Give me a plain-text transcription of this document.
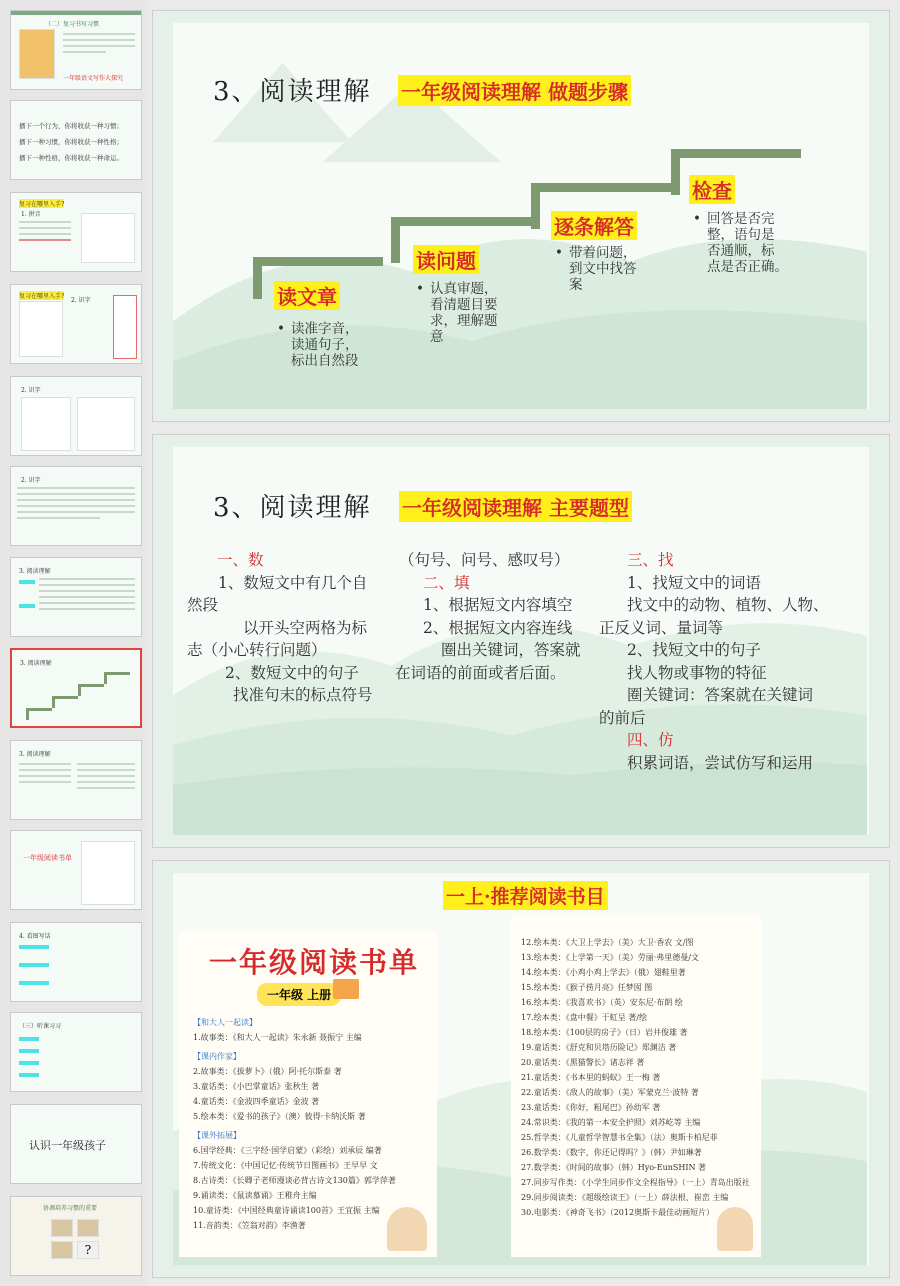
（二）复习书写习惯
一年级语文写作大探究
播下一个行为，你将收获一种习惯；
播下一种习惯，你将收获一种性格；
播下一种性格，你将收获一种命运。
复习在哪里入手?
1. 拼音
复习在哪里入手?
2. 识字
2. 识字
2. 识字
3. 阅读理解
3. 阅读理解
3. 阅读理解
一年级阅读书单
4. 看图写话
（三）听课习习
认识一年级孩子
协调培养习惯的重要
?
3、阅读理解 一年级阅读理解 做题步骤
读文章
• 读准字音，
读通句子，
标出自然段
读问题
• 认真审题，
看清题目要
求，理解题
意
逐条解答
• 带着问题，
到文中找答
案
检查
• 回答是否完
整，语句是
否通顺，标
点是否正确。
3、阅读理解 一年级阅读理解 主要题型

一、数

1、数短文中有几个自

然段

以开头空两格为标

志（小心转行问题）

2、数短文中的句子

找准句末的标点符号

（句号、问号、感叹号）

二、填

1、根据短文内容填空

2、根据短文内容连线

圈出关键词，答案就

在词语的前面或者后面。

三、找

1、找短文中的词语

找文中的动物、植物、人物、

正反义词、量词等

2、找短文中的句子

找人物或事物的特征

圈关键词：答案就在关键词

的前后

四、仿

积累词语，尝试仿写和运用

一上·推荐阅读书目
一年级阅读书单
一年级 上册
【和大人一起读】
1.故事类：《和大人一起读》朱永新 聂振宁 主编
【课内作家】
2.故事类：《拔萝卜》（俄）阿·托尔斯泰 著
3.童话类：《小巴掌童话》张秋生 著
4.童话类：《金波四季童话》金波 著
5.绘本类：《爱书的孩子》（澳）彼得·卡纳沃斯 著
【课外拓展】
6.国学经典：《三字经·国学启蒙》（彩绘）刘承辰 编著
7.传统文化：《中国记忆·传统节日图画书》王早早 文
8.古诗类：《长卿子老师漫谈必背古诗文130篇》郭学萍著
9.诵读类：《鼠读慕诵》王稚舟主编
10.童诗类：《中国经典童诗诵读100首》王宜振 主编
11.音韵类：《笠翁对韵》李渔著
12.绘本类：《大卫上学去》（美）大卫·香农 文/图
13.绘本类：《上学第一天》（美）劳丽·弗里德曼/文
14.绘本类：《小鸡小鸡上学去》（俄）翅鞋里著
15.绘本类：《猴子捞月亮》任梦囡 图
16.绘本类：《我喜欢书》（英）安东尼·布朗 绘
17.绘本类：《盘中餐》于虹呈 著/绘
18.绘本类：《100层的房子》（日）岩井俊雄 著
19.童话类：《舒克和贝塔历险记》郑渊洁 著
20.童话类：《黑猫警长》诸志祥 著
21.童话类：《书本里的蚂蚁》王一梅 著
22.童话类：《敌人的故事》（美）军蒙克兰·波特 著
23.童话类：《你好，粗尾巴》孙幼军 著
24.常识类：《我的第一本安全护照》刘苏屹等 主编
25.哲学类：《儿童哲学智慧书全集》（法）奥斯卡柏尼菲
26.数学类：《数字，你还记得吗？》（韩）尹如琳著
27.数学类：《时间的故事》（韩）Hyo-EunSHIN 著
27.同步写作类：《小学生同步作文全程指导》（一上）青岛出版社
29.同步阅读类：《超级绘读王》（一上）薛法根、崔峦 主编
30.电影类：《神奇飞书》（2012奥斯卡最佳动画短片）
